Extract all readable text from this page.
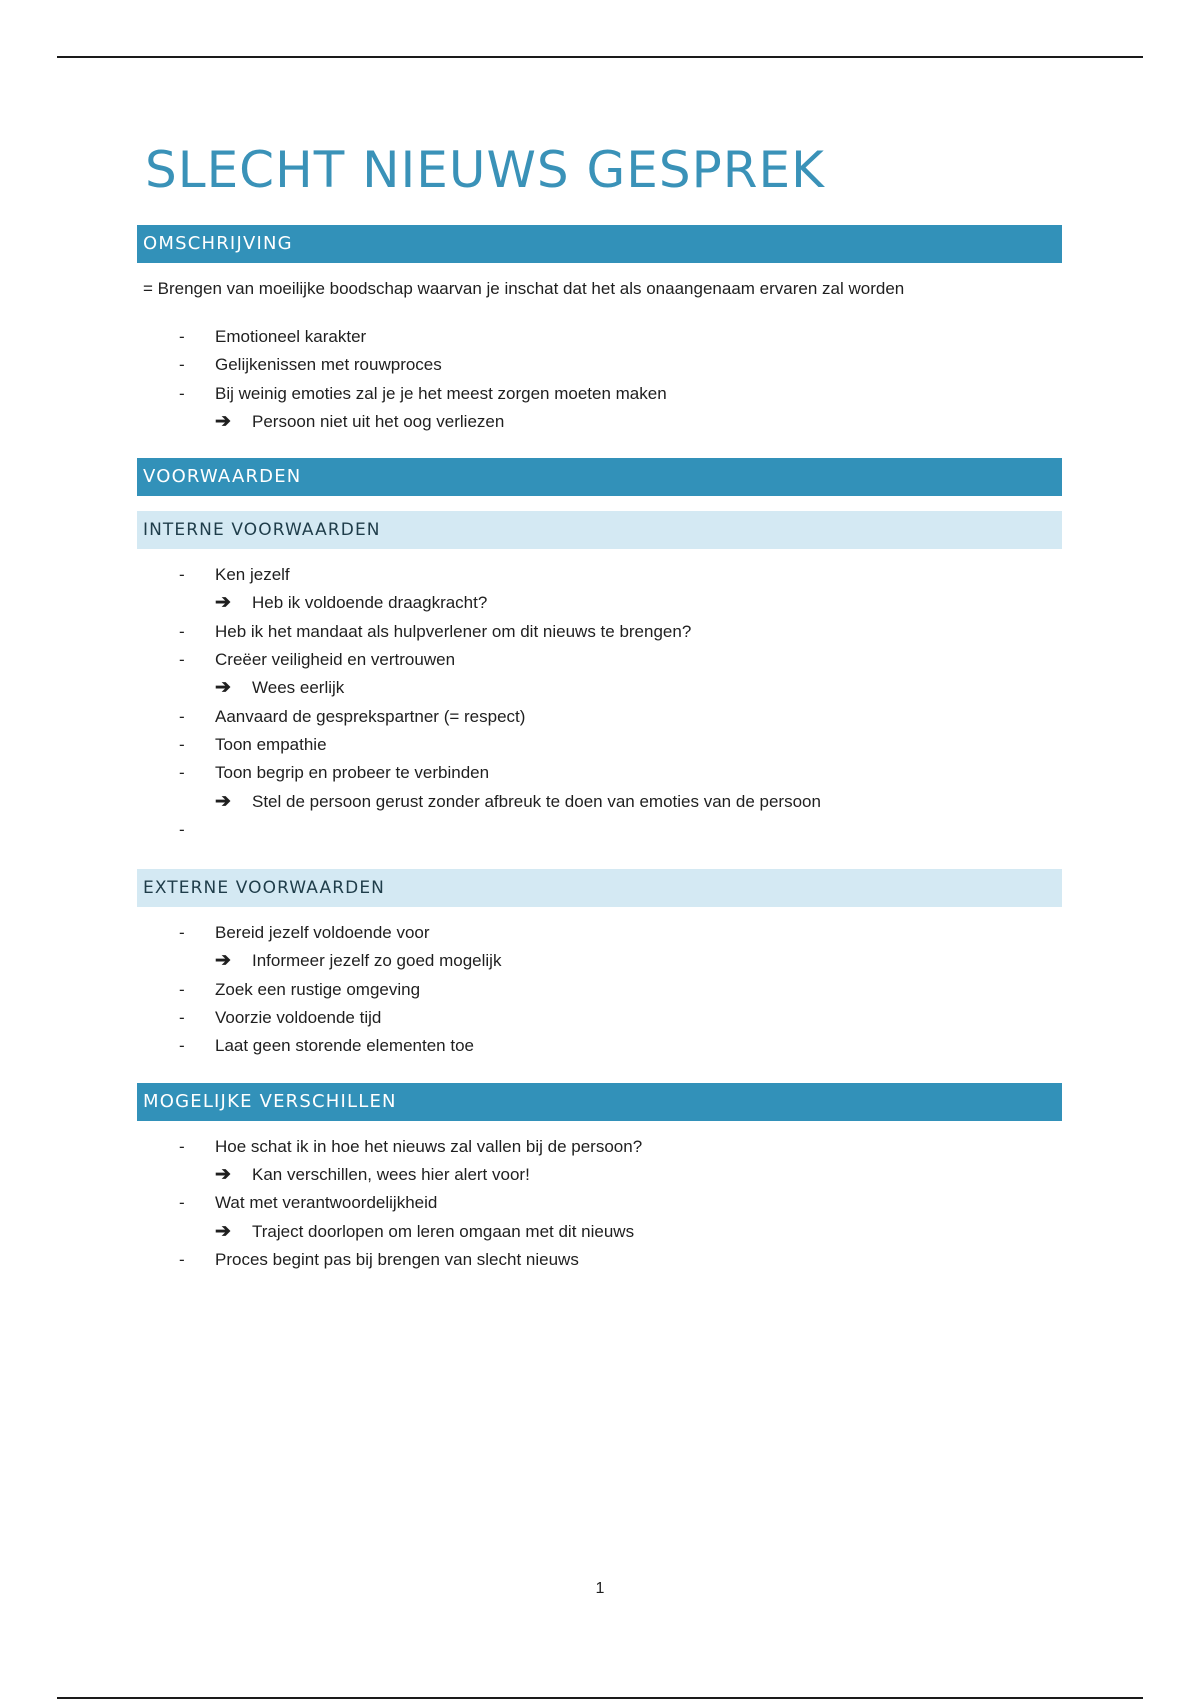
SLECHT NIEUWS GESPREK
OMSCHRIJVING
= Brengen van moeilijke boodschap waarvan je inschat dat het als onaangenaam ervaren zal worden
- Emotioneel karakter
- Gelijkenissen met rouwproces
- Bij weinig emoties zal je je het meest zorgen moeten maken
➔ Persoon niet uit het oog verliezen
VOORWAARDEN
INTERNE VOORWAARDEN
- Ken jezelf
➔ Heb ik voldoende draagkracht?
- Heb ik het mandaat als hulpverlener om dit nieuws te brengen?
- Creëer veiligheid en vertrouwen
➔ Wees eerlijk
- Aanvaard de gesprekspartner (= respect)
- Toon empathie
- Toon begrip en probeer te verbinden
➔ Stel de persoon gerust zonder afbreuk te doen van emoties van de persoon
-
EXTERNE VOORWAARDEN
- Bereid jezelf voldoende voor
➔ Informeer jezelf zo goed mogelijk
- Zoek een rustige omgeving
- Voorzie voldoende tijd
- Laat geen storende elementen toe
MOGELIJKE VERSCHILLEN
- Hoe schat ik in hoe het nieuws zal vallen bij de persoon?
➔ Kan verschillen, wees hier alert voor!
- Wat met verantwoordelijkheid
➔ Traject doorlopen om leren omgaan met dit nieuws
- Proces begint pas bij brengen van slecht nieuws
1
